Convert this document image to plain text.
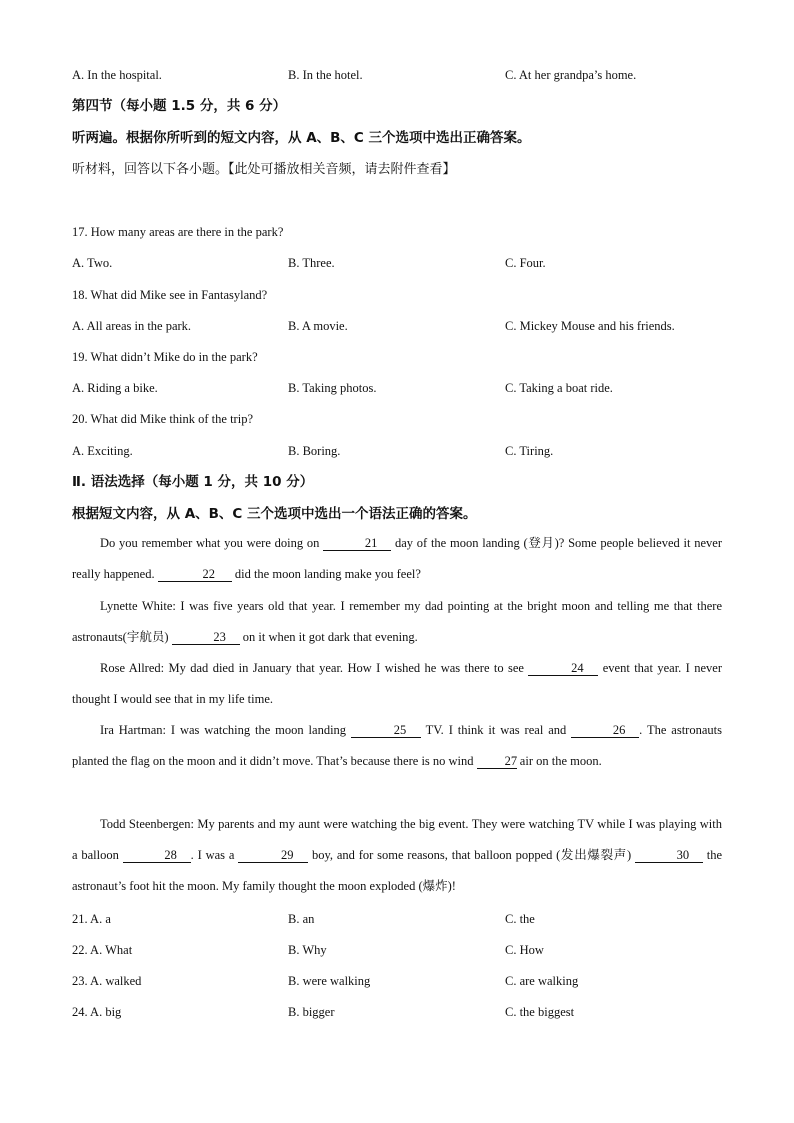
A. In the hospital.	B. In the hotel.	C. At her grandpa’s home.
第四节（每小题 1.5 分，共 6 分）
听两遍。根据你所听到的短文内容，从 A、B、C 三个选项中选出正确答案。
听材料，回答以下各小题。【此处可播放相关音频，请去附件查看】
17. How many areas are there in the park?
A. Two.	B. Three.	C. Four.
18. What did Mike see in Fantasyland?
A. All areas in the park.	B. A movie.	C. Mickey Mouse and his friends.
19. What didn’t Mike do in the park?
A. Riding a bike.	B. Taking photos.	C. Taking a boat ride.
20. What did Mike think of the trip?
A. Exciting.	B. Boring.	C. Tiring.
Ⅱ. 语法选择（每小题 1 分，共 10 分）
根据短文内容，从 A、B、C 三个选项中选出一个语法正确的答案。
Do you remember what you were doing on	21 day of the moon landing (登月)? Some people believed it never really happened.	22 did the moon landing make you feel?
Lynette White: I was five years old that year. I remember my dad pointing at the bright moon and telling me that there astronauts(宇航员)	23 on it when it got dark that evening.
Rose Allred: My dad died in January that year. How I wished he was there to see	24 event that year. I never thought I would see that in my life time.
Ira Hartman: I was watching the moon landing	25 TV. I think it was real and	26 . The astronauts planted the flag on the moon and it didn’t move. That’s because there is no wind 27 air on the moon.
Todd Steenbergen: My parents and my aunt were watching the big event. They were watching TV while I was playing with a balloon	28 . I was a	29 boy, and for some reasons, that balloon popped (发出爆裂声)	30 the astronaut’s foot hit the moon. My family thought the moon exploded (爆炸)!
21. A. a	B. an	C. the
22. A. What	B. Why	C. How
23. A. walked	B. were walking	C. are walking
24. A. big	B. bigger	C. the biggest
